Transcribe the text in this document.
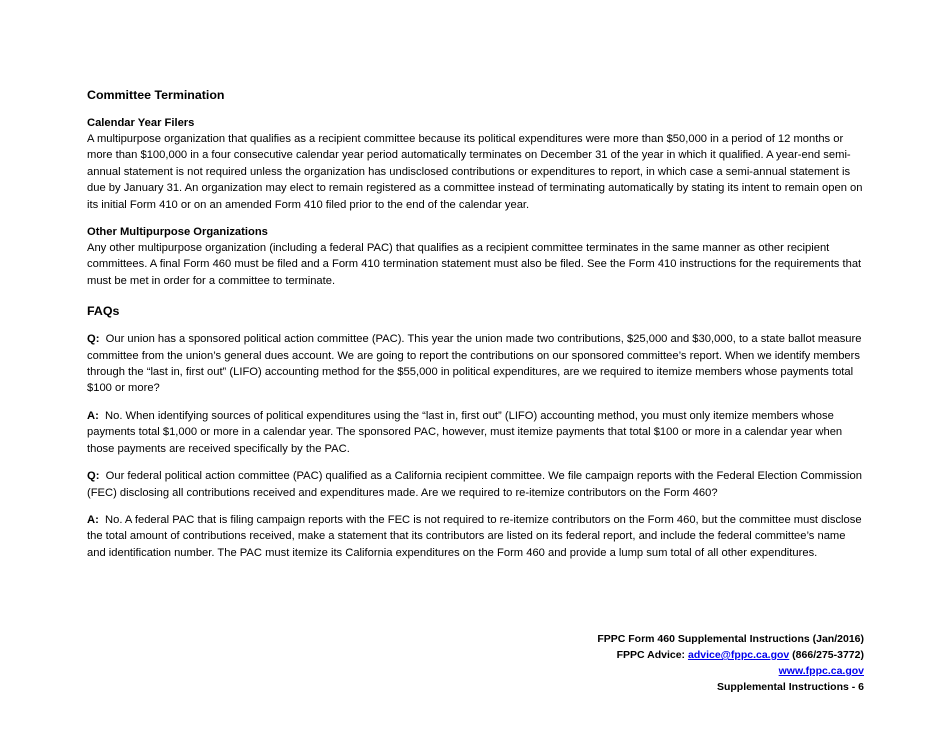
Committee Termination
Calendar Year Filers

A multipurpose organization that qualifies as a recipient committee because its political expenditures were more than $50,000 in a period of 12 months or more than $100,000 in a four consecutive calendar year period automatically terminates on December 31 of the year in which it qualified. A year-end semi-annual statement is not required unless the organization has undisclosed contributions or expenditures to report, in which case a semi-annual statement is due by January 31. An organization may elect to remain registered as a committee instead of terminating automatically by stating its intent to remain open on its initial Form 410 or on an amended Form 410 filed prior to the end of the calendar year.

Other Multipurpose Organizations

Any other multipurpose organization (including a federal PAC) that qualifies as a recipient committee terminates in the same manner as other recipient committees. A final Form 460 must be filed and a Form 410 termination statement must also be filed. See the Form 410 instructions for the requirements that must be met in order for a committee to terminate.

FAQs

Q: Our union has a sponsored political action committee (PAC). This year the union made two contributions, $25,000 and $30,000, to a state ballot measure committee from the union’s general dues account. We are going to report the contributions on our sponsored committee’s report. When we identify members through the “last in, first out” (LIFO) accounting method for the $55,000 in political expenditures, are we required to itemize members whose payments total $100 or more?

A: No. When identifying sources of political expenditures using the “last in, first out” (LIFO) accounting method, you must only itemize members whose payments total $1,000 or more in a calendar year. The sponsored PAC, however, must itemize payments that total $100 or more in a calendar year when those payments are received specifically by the PAC.

Q: Our federal political action committee (PAC) qualified as a California recipient committee. We file campaign reports with the Federal Election Commission (FEC) disclosing all contributions received and expenditures made. Are we required to re-itemize contributors on the Form 460?

A: No. A federal PAC that is filing campaign reports with the FEC is not required to re-itemize contributors on the Form 460, but the committee must disclose the total amount of contributions received, make a statement that its contributors are listed on its federal report, and include the federal committee’s name and identification number. The PAC must itemize its California expenditures on the Form 460 and provide a lump sum total of all other expenditures.

FPPC Form 460 Supplemental Instructions (Jan/2016)
FPPC Advice: advice@fppc.ca.gov (866/275-3772)
www.fppc.ca.gov
Supplemental Instructions - 6
